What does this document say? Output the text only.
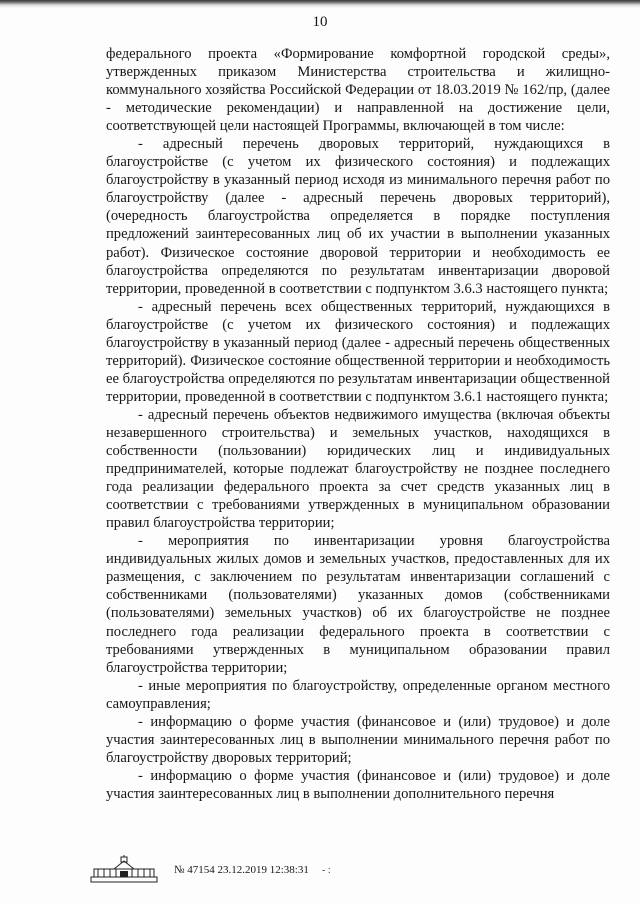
10

федерального проекта «Формирование комфортной городской среды», утвержденных приказом Министерства строительства и жилищно-коммунального хозяйства Российской Федерации от 18.03.2019 № 162/пр, (далее - методические рекомендации) и направленной на достижение цели, соответствующей цели настоящей Программы, включающей в том числе:

- адресный перечень дворовых территорий, нуждающихся в благоустройстве (с учетом их физического состояния) и подлежащих благоустройству в указанный период исходя из минимального перечня работ по благоустройству (далее - адресный перечень дворовых территорий), (очередность благоустройства определяется в порядке поступления предложений заинтересованных лиц об их участии в выполнении указанных работ). Физическое состояние дворовой территории и необходимость ее благоустройства определяются по результатам инвентаризации дворовой территории, проведенной в соответствии с подпунктом 3.6.3 настоящего пункта;

- адресный перечень всех общественных территорий, нуждающихся в благоустройстве (с учетом их физического состояния) и подлежащих благоустройству в указанный период (далее - адресный перечень общественных территорий). Физическое состояние общественной территории и необходимость ее благоустройства определяются по результатам инвентаризации общественной территории, проведенной в соответствии с подпунктом 3.6.1 настоящего пункта;

- адресный перечень объектов недвижимого имущества (включая объекты незавершенного строительства) и земельных участков, находящихся в собственности (пользовании) юридических лиц и индивидуальных предпринимателей, которые подлежат благоустройству не позднее последнего года реализации федерального проекта за счет средств указанных лиц в соответствии с требованиями утвержденных в муниципальном образовании правил благоустройства территории;

- мероприятия по инвентаризации уровня благоустройства индивидуальных жилых домов и земельных участков, предоставленных для их размещения, с заключением по результатам инвентаризации соглашений с собственниками (пользователями) указанных домов (собственниками (пользователями) земельных участков) об их благоустройстве не позднее последнего года реализации федерального проекта в соответствии с требованиями утвержденных в муниципальном образовании правил благоустройства территории;

- иные мероприятия по благоустройству, определенные органом местного самоуправления;

- информацию о форме участия (финансовое и (или) трудовое) и доле участия заинтересованных лиц в выполнении минимального перечня работ по благоустройству дворовых территорий;

- информацию о форме участия (финансовое и (или) трудовое) и доле участия заинтересованных лиц в выполнении дополнительного перечня

№ 47154 23.12.2019 12:38:31 - :
